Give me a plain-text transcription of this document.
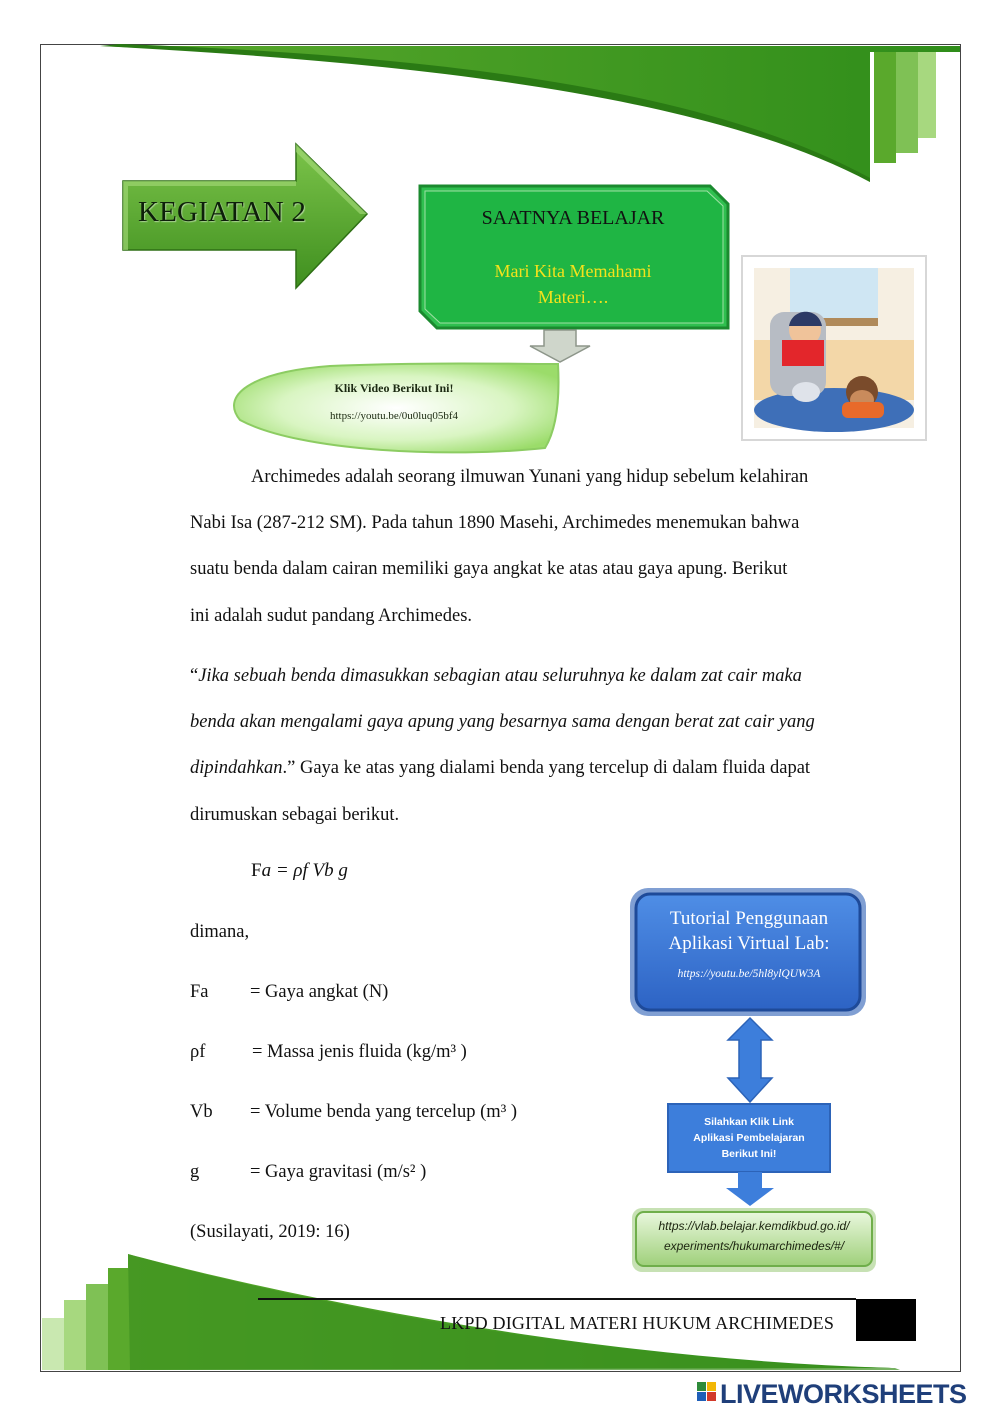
KEGIATAN 2	SAATNYA BELAJAR
Mari Kita Memahami
Materi….
Klik Video Berikut Ini!
https://youtu.be/0u0luq05bf4

Archimedes adalah seorang ilmuwan Yunani yang hidup sebelum kelahiran

Nabi Isa (287-212 SM). Pada tahun 1890 Masehi, Archimedes menemukan bahwa

suatu benda dalam cairan memiliki gaya angkat ke atas atau gaya apung. Berikut

ini adalah sudut pandang Archimedes.

“Jika sebuah benda dimasukkan sebagian atau seluruhnya ke dalam zat cair maka

benda akan mengalami gaya apung yang besarnya sama dengan berat zat cair yang

dipindahkan.” Gaya ke atas yang dialami benda yang tercelup di dalam fluida dapat

dirumuskan sebagai berikut.

Fa = ρf Vb g
dimana,
Fa = Gaya angkat (N)
ρf	= Massa jenis fluida (kg/m³ )
Vb = Volume benda yang tercelup (m³ )
g	= Gaya gravitasi (m/s² )
(Susilayati, 2019: 16)
Tutorial Penggunaan
Aplikasi Virtual Lab:
https://youtu.be/5hl8ylQUW3A
Silahkan Klik Link
Aplikasi Pembelajaran
Berikut Ini!
https://vlab.belajar.kemdikbud.go.id/
experiments/hukumarchimedes/#/
LKPD DIGITAL MATERI HUKUM ARCHIMEDES
LIVEWORKSHEETS
